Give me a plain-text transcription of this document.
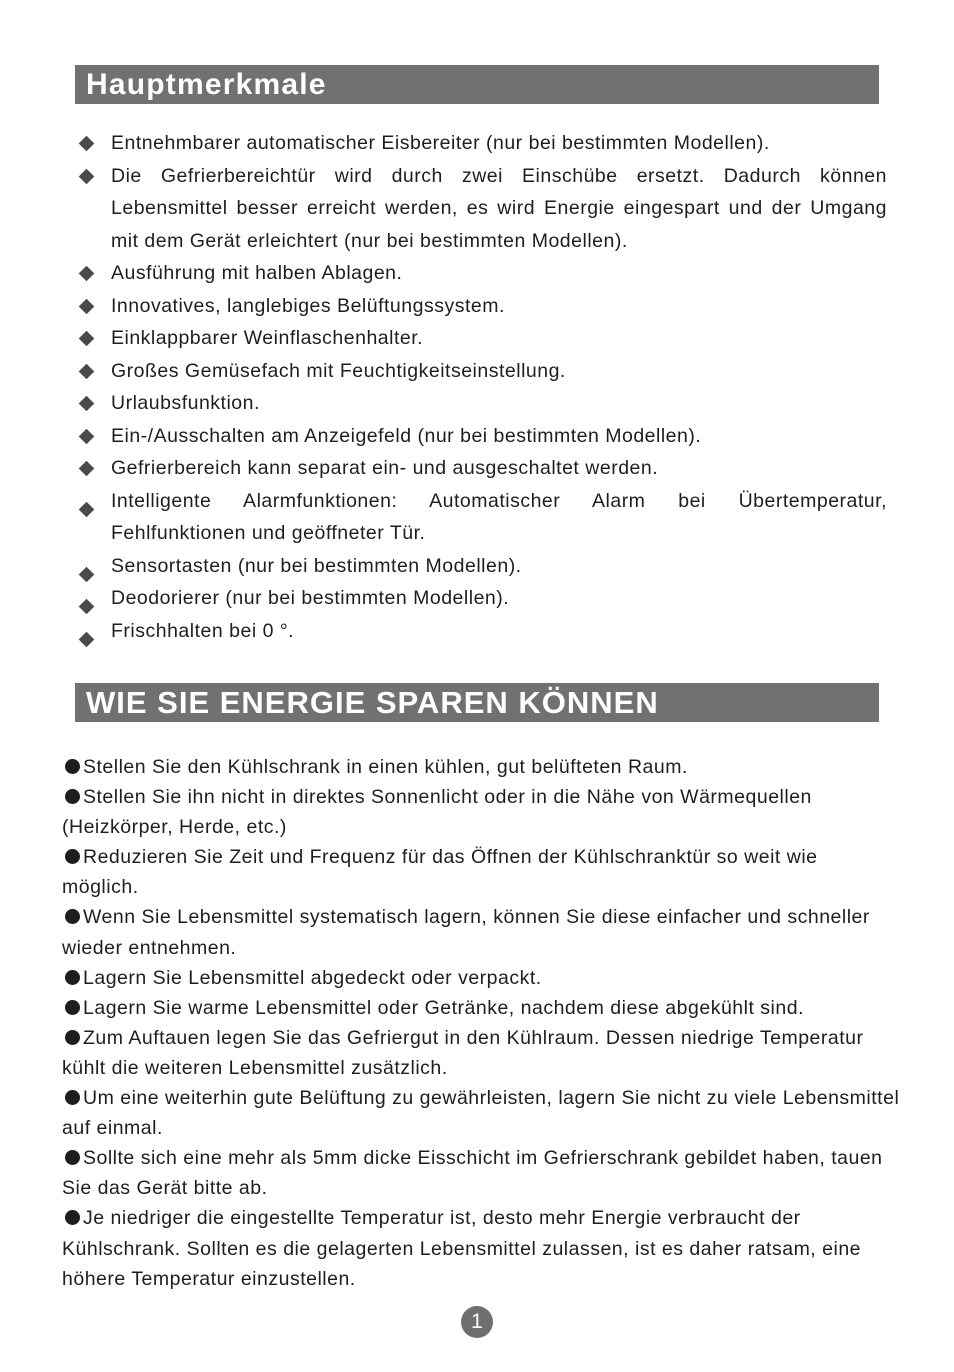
Hauptmerkmale
Entnehmbarer automatischer Eisbereiter (nur bei bestimmten Modellen).
Die Gefrierbereichtür wird durch zwei Einschübe ersetzt. Dadurch können Lebensmittel besser erreicht werden, es wird Energie eingespart und der Umgang mit dem Gerät erleichtert (nur bei bestimmten Modellen).
Ausführung mit halben Ablagen.
Innovatives, langlebiges Belüftungssystem.
Einklappbarer Weinflaschenhalter.
Großes Gemüsefach mit Feuchtigkeitseinstellung.
Urlaubsfunktion.
Ein-/Ausschalten am Anzeigefeld (nur bei bestimmten Modellen).
Gefrierbereich kann separat ein- und ausgeschaltet werden.
Intelligente Alarmfunktionen: Automatischer Alarm bei Übertemperatur, Fehlfunktionen und geöffneter Tür.
Sensortasten (nur bei bestimmten Modellen).
Deodorierer (nur bei bestimmten Modellen).
Frischhalten bei 0 °.
WIE SIE ENERGIE SPAREN KÖNNEN
Stellen Sie den Kühlschrank in einen kühlen, gut belüfteten Raum.
Stellen Sie ihn nicht in direktes Sonnenlicht oder in die Nähe von Wärmequellen (Heizkörper, Herde, etc.)
Reduzieren Sie Zeit und Frequenz für das Öffnen der Kühlschranktür so weit wie möglich.
Wenn Sie Lebensmittel systematisch lagern, können Sie diese einfacher und schneller wieder entnehmen.
Lagern Sie Lebensmittel abgedeckt oder verpackt.
Lagern Sie warme Lebensmittel oder Getränke, nachdem diese abgekühlt sind.
Zum Auftauen legen Sie das Gefriergut in den Kühlraum. Dessen niedrige Temperatur kühlt die weiteren Lebensmittel zusätzlich.
Um eine weiterhin gute Belüftung zu gewährleisten, lagern Sie nicht zu viele Lebensmittel auf einmal.
Sollte sich eine mehr als 5mm dicke Eisschicht im Gefrierschrank gebildet haben, tauen Sie das Gerät bitte ab.
Je niedriger die eingestellte Temperatur ist, desto mehr Energie verbraucht der Kühlschrank. Sollten es die gelagerten Lebensmittel zulassen, ist es daher ratsam, eine höhere Temperatur einzustellen.
1
